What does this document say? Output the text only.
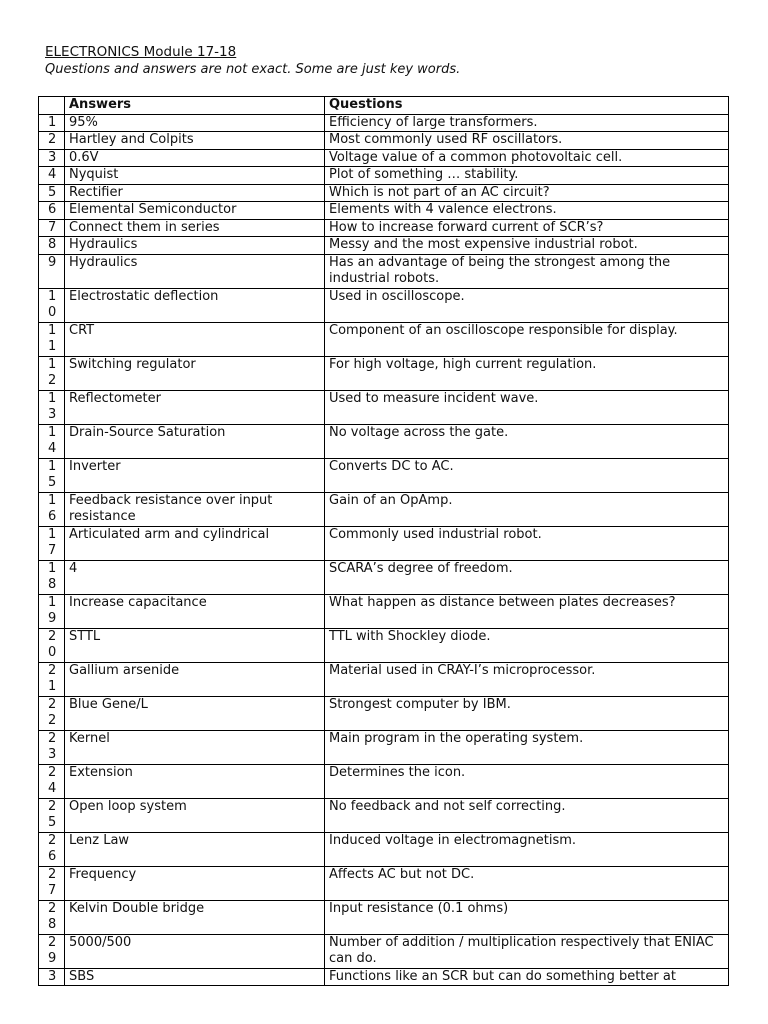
ELECTRONICS Module 17-18
Questions and answers are not exact. Some are just key words.
	Answers	Questions
1	95%	Efficiency of large transformers.
2	Hartley and Colpits	Most commonly used RF oscillators.
3	0.6V	Voltage value of a common photovoltaic cell.
4	Nyquist	Plot of something … stability.
5	Rectifier	Which is not part of an AC circuit?
6	Elemental Semiconductor	Elements with 4 valence electrons.
7	Connect them in series	How to increase forward current of SCR’s?
8	Hydraulics	Messy and the most expensive industrial robot.
9	Hydraulics	Has an advantage of being the strongest among the industrial robots.
10	Electrostatic deflection	Used in oscilloscope.
11	CRT	Component of an oscilloscope responsible for display.
12	Switching regulator	For high voltage, high current regulation.
13	Reflectometer	Used to measure incident wave.
14	Drain-Source Saturation	No voltage across the gate.
15	Inverter	Converts DC to AC.
16	Feedback resistance over input resistance	Gain of an OpAmp.
17	Articulated arm and cylindrical	Commonly used industrial robot.
18	4	SCARA’s degree of freedom.
19	Increase capacitance	What happen as distance between plates decreases?
20	STTL	TTL with Shockley diode.
21	Gallium arsenide	Material used in CRAY-I’s microprocessor.
22	Blue Gene/L	Strongest computer by IBM.
23	Kernel	Main program in the operating system.
24	Extension	Determines the icon.
25	Open loop system	No feedback and not self correcting.
26	Lenz Law	Induced voltage in electromagnetism.
27	Frequency	Affects AC but not DC.
28	Kelvin Double bridge	Input resistance (0.1 ohms)
29	5000/500	Number of addition / multiplication respectively that ENIAC can do.
3	SBS	Functions like an SCR but can do something better at
